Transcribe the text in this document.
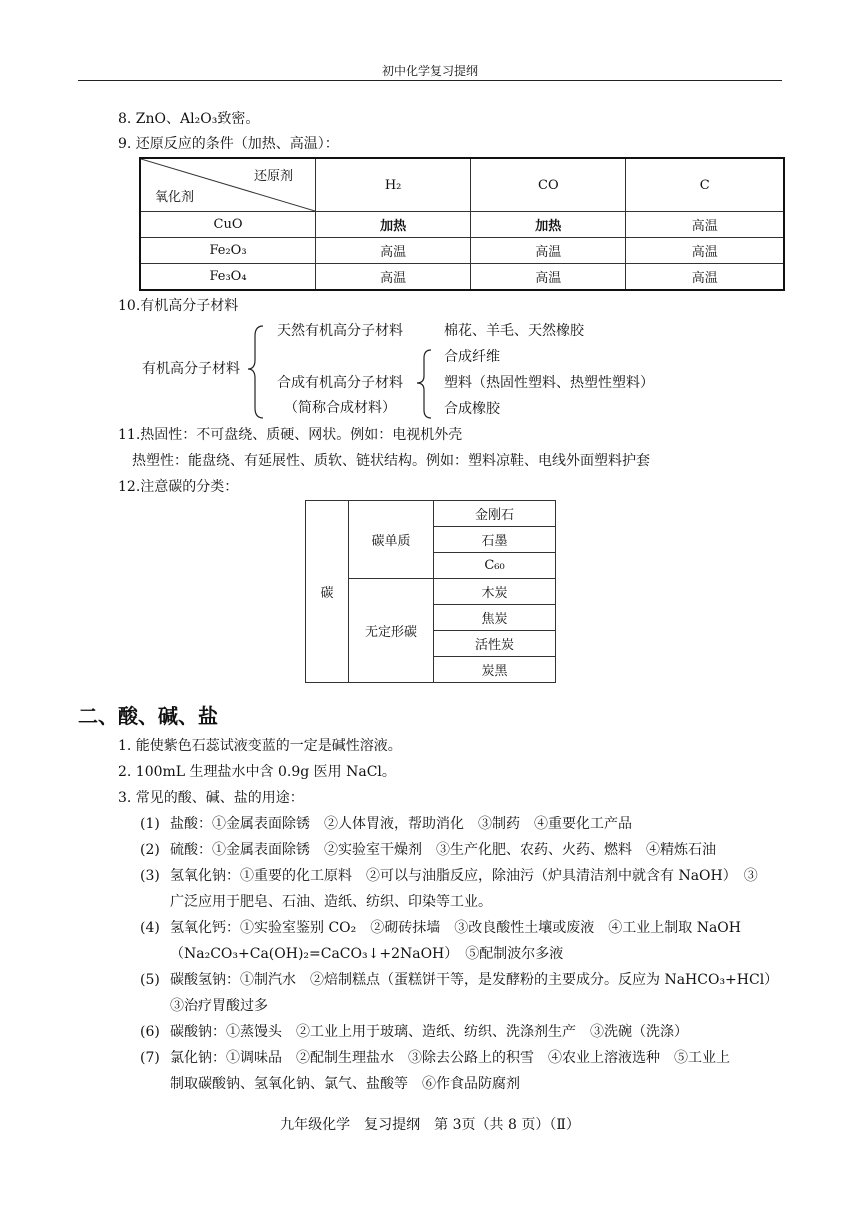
初中化学复习提纲
8. ZnO、Al₂O₃致密。
9. 还原反应的条件（加热、高温）：
还原剂
氧化剂	H₂	CO	C
CuO	加热	加热	高温
Fe₂O₃	高温	高温	高温
Fe₃O₄	高温	高温	高温
10.有机高分子材料
有机高分子材料
天然有机高分子材料	棉花、羊毛、天然橡胶
合成有机高分子材料
（简称合成材料）
合成纤维
塑料（热固性塑料、热塑性塑料）
合成橡胶
11.热固性：不可盘绕、质硬、网状。例如：电视机外壳
热塑性：能盘绕、有延展性、质软、链状结构。例如：塑料凉鞋、电线外面塑料护套
12.注意碳的分类：
碳	碳单质	金刚石
		石墨
		C₆₀
	无定形碳	木炭
		焦炭
		活性炭
		炭黑
二、酸、碱、盐
1. 能使紫色石蕊试液变蓝的一定是碱性溶液。
2. 100mL 生理盐水中含 0.9g 医用 NaCl。
3. 常见的酸、碱、盐的用途：
(1) 盐酸：①金属表面除锈　②人体胃液，帮助消化　③制药　④重要化工产品
(2) 硫酸：①金属表面除锈　②实验室干燥剂　③生产化肥、农药、火药、燃料　④精炼石油
(3) 氢氧化钠：①重要的化工原料　②可以与油脂反应，除油污（炉具清洁剂中就含有 NaOH）　③
广泛应用于肥皂、石油、造纸、纺织、印染等工业。
(4) 氢氧化钙：①实验室鉴别 CO₂　②砌砖抹墙　③改良酸性土壤或废液　④工业上制取 NaOH
（Na₂CO₃+Ca(OH)₂=CaCO₃↓+2NaOH）　⑤配制波尔多液
(5) 碳酸氢钠：①制汽水　②焙制糕点（蛋糕饼干等，是发酵粉的主要成分。反应为 NaHCO₃+HCl）
③治疗胃酸过多
(6) 碳酸钠：①蒸馒头　②工业上用于玻璃、造纸、纺织、洗涤剂生产　③洗碗（洗涤）
(7) 氯化钠：①调味品　②配制生理盐水　③除去公路上的积雪　④农业上溶液选种　⑤工业上
制取碳酸钠、氢氧化钠、氯气、盐酸等　⑥作食品防腐剂
九年级化学　复习提纲　第 3页（共 8 页）（Ⅱ）
